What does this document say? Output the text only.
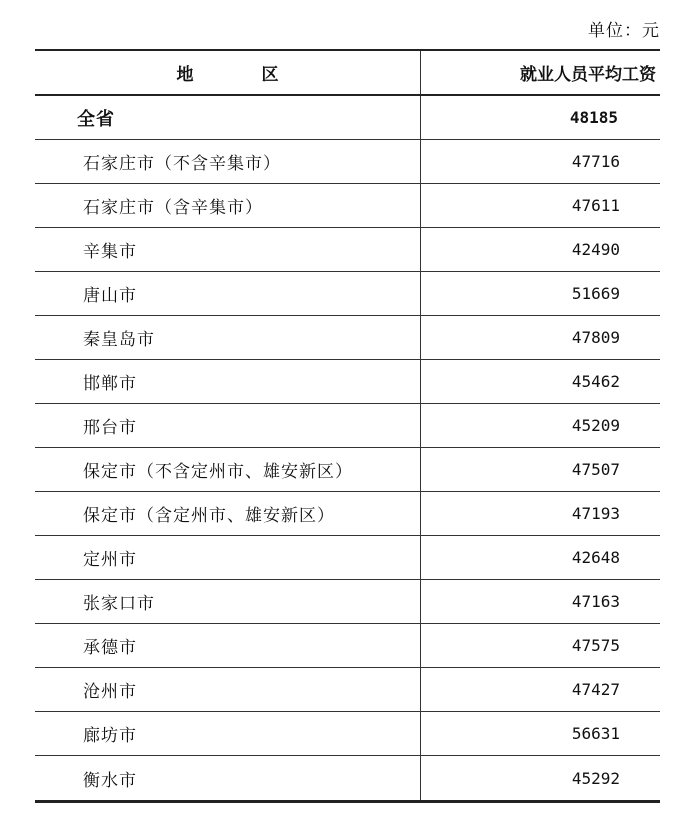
单位：元
地　　　　区	就业人员平均工资
全省	48185
石家庄市（不含辛集市）	47716
石家庄市（含辛集市）	47611
辛集市	42490
唐山市	51669
秦皇岛市	47809
邯郸市	45462
邢台市	45209
保定市（不含定州市、雄安新区）	47507
保定市（含定州市、雄安新区）	47193
定州市	42648
张家口市	47163
承德市	47575
沧州市	47427
廊坊市	56631
衡水市	45292
